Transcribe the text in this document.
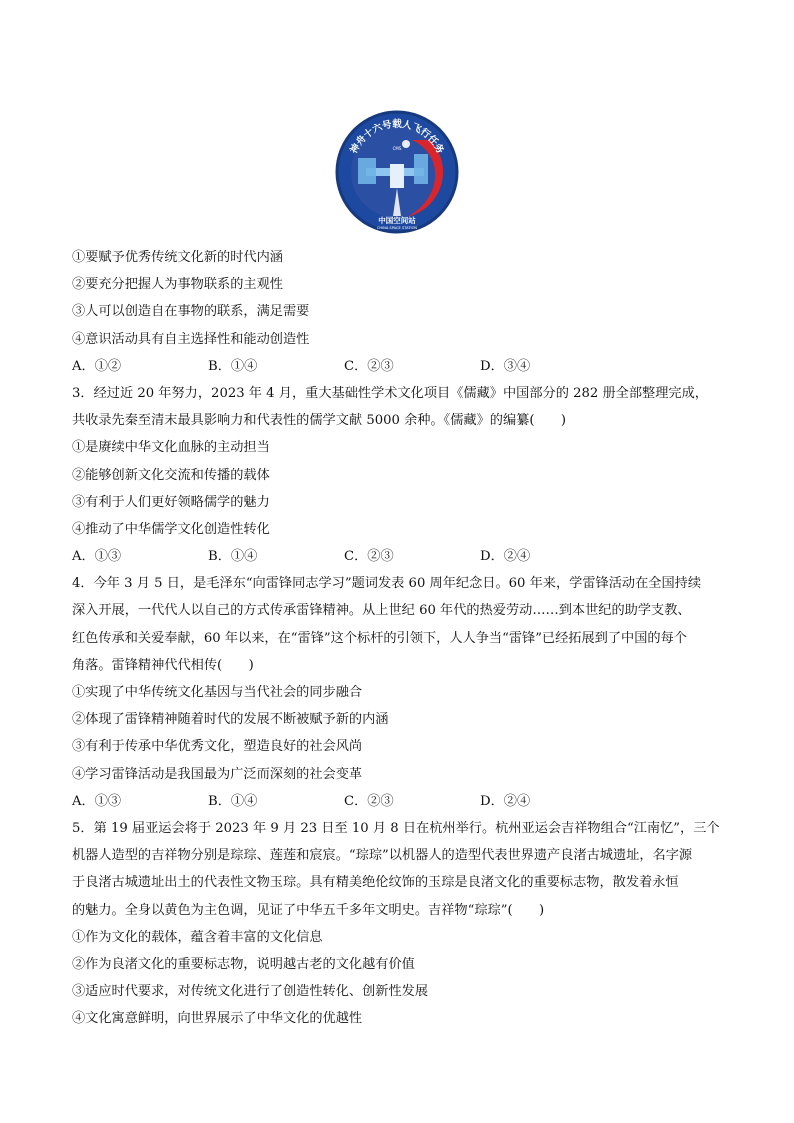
神舟十六号载人飞行任务
中国空间站
CHINA SPACE STATION
CMS
①要赋予优秀传统文化新的时代内涵
②要充分把握人为事物联系的主观性
③人可以创造自在事物的联系，满足需要
④意识活动具有自主选择性和能动创造性
A．①②	B．①④	C．②③	D．③④
3．经过近 20 年努力，2023 年 4 月，重大基础性学术文化项目《儒藏》中国部分的 282 册全部整理完成，
共收录先秦至清末最具影响力和代表性的儒学文献 5000 余种。《儒藏》的编纂(　　)
①是赓续中华文化血脉的主动担当
②能够创新文化交流和传播的载体
③有利于人们更好领略儒学的魅力
④推动了中华儒学文化创造性转化
A．①③	B．①④	C．②③	D．②④
4．今年 3 月 5 日，是毛泽东“向雷锋同志学习”题词发表 60 周年纪念日。60 年来，学雷锋活动在全国持续
深入开展，一代代人以自己的方式传承雷锋精神。从上世纪 60 年代的热爱劳动……到本世纪的助学支教、
红色传承和关爱奉献，60 年以来，在“雷锋”这个标杆的引领下，人人争当“雷锋”已经拓展到了中国的每个
角落。雷锋精神代代相传(　　)
①实现了中华传统文化基因与当代社会的同步融合
②体现了雷锋精神随着时代的发展不断被赋予新的内涵
③有利于传承中华优秀文化，塑造良好的社会风尚
④学习雷锋活动是我国最为广泛而深刻的社会变革
A．①③	B．①④	C．②③	D．②④
5．第 19 届亚运会将于 2023 年 9 月 23 日至 10 月 8 日在杭州举行。杭州亚运会吉祥物组合“江南忆”，三个
机器人造型的吉祥物分别是琮琮、莲莲和宸宸。“琮琮”以机器人的造型代表世界遗产良渚古城遗址，名字源
于良渚古城遗址出土的代表性文物玉琮。具有精美绝伦纹饰的玉琮是良渚文化的重要标志物，散发着永恒
的魅力。全身以黄色为主色调，见证了中华五千多年文明史。吉祥物“琮琮”(　　)
①作为文化的载体，蕴含着丰富的文化信息
②作为良渚文化的重要标志物，说明越古老的文化越有价值
③适应时代要求，对传统文化进行了创造性转化、创新性发展
④文化寓意鲜明，向世界展示了中华文化的优越性
